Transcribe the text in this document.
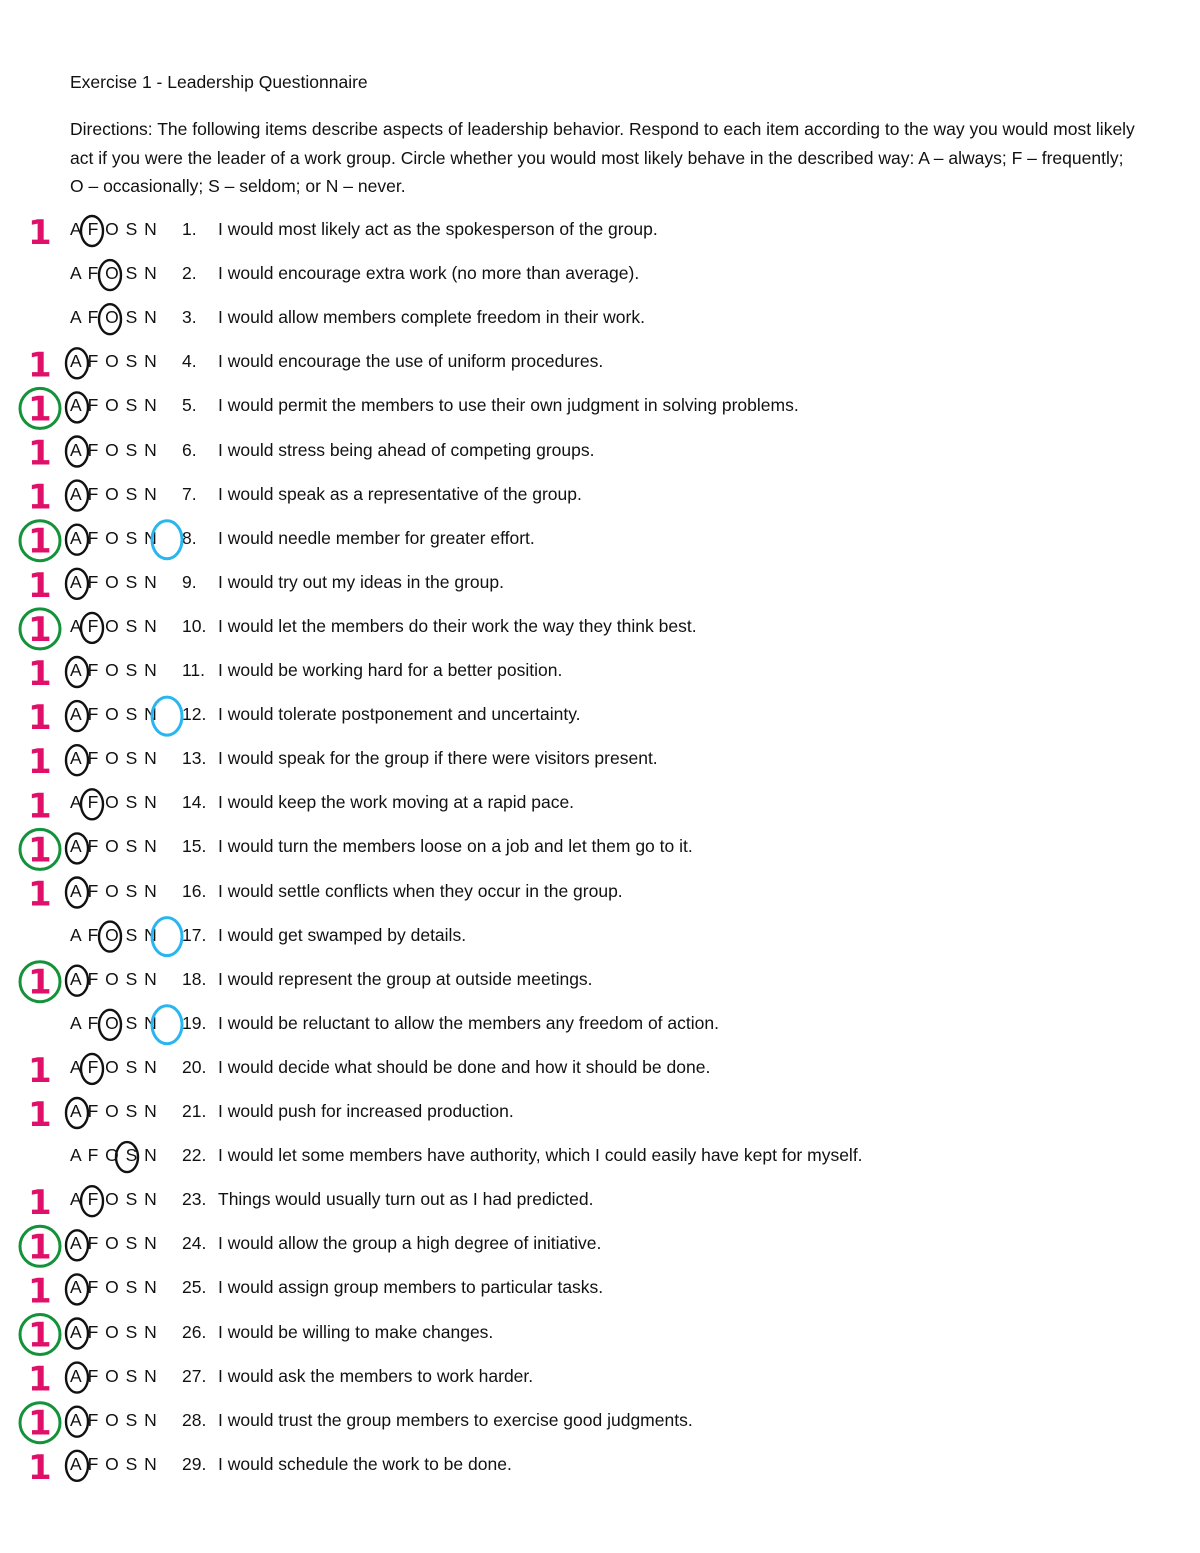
Exercise 1 - Leadership Questionnaire
Directions: The following items describe aspects of leadership behavior. Respond to each item according to the way you would most likely act if you were the leader of a work group. Circle whether you would most likely behave in the described way: A – always; F – frequently; O – occasionally; S – seldom; or N – never.
A F O S N 1. I would most likely act as the spokesperson of the group.
A F O S N 2. I would encourage extra work (no more than average).
A F O S N 3. I would allow members complete freedom in their work.
A F O S N 4. I would encourage the use of uniform procedures.
A F O S N 5. I would permit the members to use their own judgment in solving problems.
A F O S N 6. I would stress being ahead of competing groups.
A F O S N 7. I would speak as a representative of the group.
A F O S N 8. I would needle member for greater effort.
A F O S N 9. I would try out my ideas in the group.
A F O S N 10. I would let the members do their work the way they think best.
A F O S N 11. I would be working hard for a better position.
A F O S N 12. I would tolerate postponement and uncertainty.
A F O S N 13. I would speak for the group if there were visitors present.
A F O S N 14. I would keep the work moving at a rapid pace.
A F O S N 15. I would turn the members loose on a job and let them go to it.
A F O S N 16. I would settle conflicts when they occur in the group.
A F O S N 17. I would get swamped by details.
A F O S N 18. I would represent the group at outside meetings.
A F O S N 19. I would be reluctant to allow the members any freedom of action.
A F O S N 20. I would decide what should be done and how it should be done.
A F O S N 21. I would push for increased production.
A F O S N 22. I would let some members have authority, which I could easily have kept for myself.
A F O S N 23. Things would usually turn out as I had predicted.
A F O S N 24. I would allow the group a high degree of initiative.
A F O S N 25. I would assign group members to particular tasks.
A F O S N 26. I would be willing to make changes.
A F O S N 27. I would ask the members to work harder.
A F O S N 28. I would trust the group members to exercise good judgments.
A F O S N 29. I would schedule the work to be done.
1
1
1
1
1
1
1
1
1
1
1
1
1
1
1
1
1
1
1
1
1
1
1
1
